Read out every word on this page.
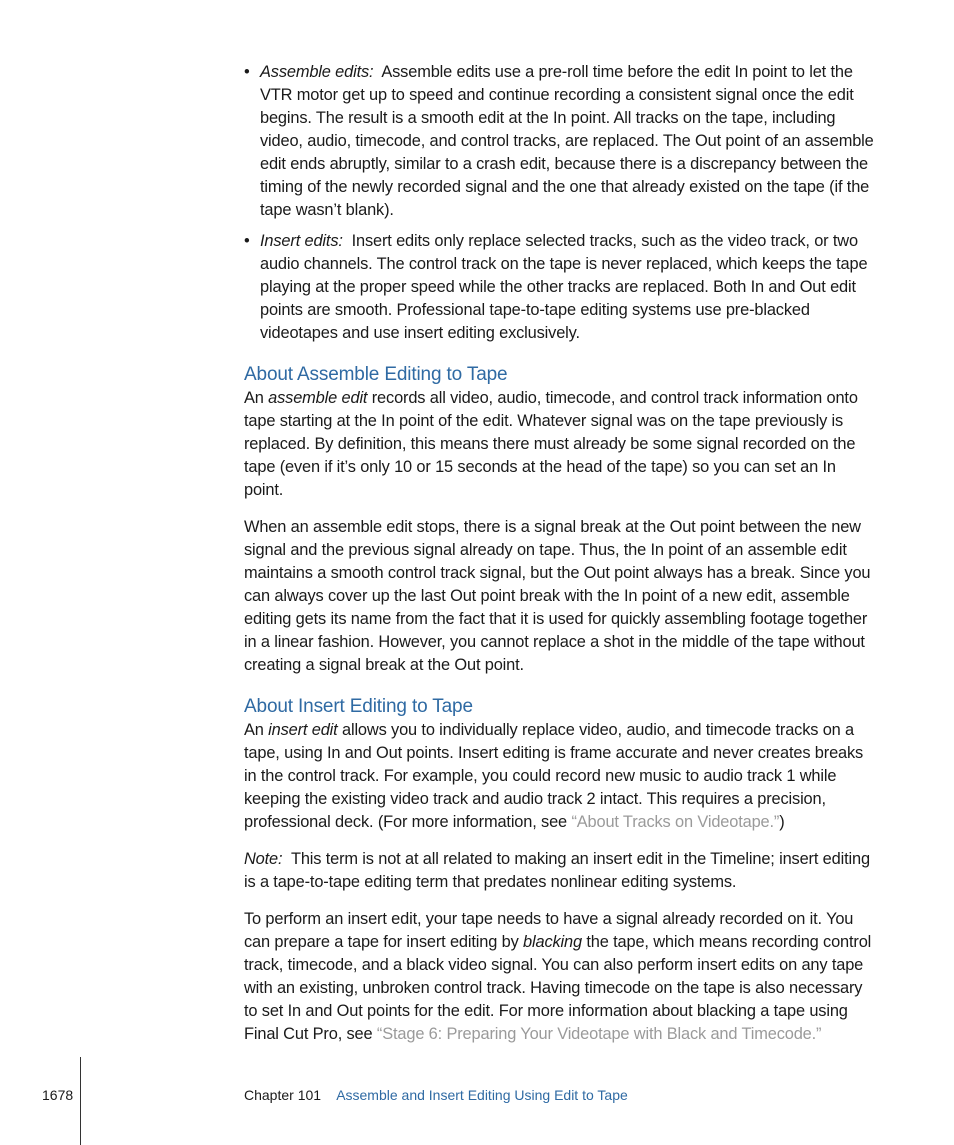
• Assemble edits: Assemble edits use a pre-roll time before the edit In point to let the VTR motor get up to speed and continue recording a consistent signal once the edit begins. The result is a smooth edit at the In point. All tracks on the tape, including video, audio, timecode, and control tracks, are replaced. The Out point of an assemble edit ends abruptly, similar to a crash edit, because there is a discrepancy between the timing of the newly recorded signal and the one that already existed on the tape (if the tape wasn’t blank).
• Insert edits: Insert edits only replace selected tracks, such as the video track, or two audio channels. The control track on the tape is never replaced, which keeps the tape playing at the proper speed while the other tracks are replaced. Both In and Out edit points are smooth. Professional tape-to-tape editing systems use pre-blacked videotapes and use insert editing exclusively.
About Assemble Editing to Tape

An assemble edit records all video, audio, timecode, and control track information onto tape starting at the In point of the edit. Whatever signal was on the tape previously is replaced. By definition, this means there must already be some signal recorded on the tape (even if it’s only 10 or 15 seconds at the head of the tape) so you can set an In point.

When an assemble edit stops, there is a signal break at the Out point between the new signal and the previous signal already on tape. Thus, the In point of an assemble edit maintains a smooth control track signal, but the Out point always has a break. Since you can always cover up the last Out point break with the In point of a new edit, assemble editing gets its name from the fact that it is used for quickly assembling footage together in a linear fashion. However, you cannot replace a shot in the middle of the tape without creating a signal break at the Out point.

About Insert Editing to Tape

An insert edit allows you to individually replace video, audio, and timecode tracks on a tape, using In and Out points. Insert editing is frame accurate and never creates breaks in the control track. For example, you could record new music to audio track 1 while keeping the existing video track and audio track 2 intact. This requires a precision, professional deck. (For more information, see “About Tracks on Videotape.”)

Note: This term is not at all related to making an insert edit in the Timeline; insert editing is a tape-to-tape editing term that predates nonlinear editing systems.

To perform an insert edit, your tape needs to have a signal already recorded on it. You can prepare a tape for insert editing by blacking the tape, which means recording control track, timecode, and a black video signal. You can also perform insert edits on any tape with an existing, unbroken control track. Having timecode on the tape is also necessary to set In and Out points for the edit. For more information about blacking a tape using Final Cut Pro, see “Stage 6: Preparing Your Videotape with Black and Timecode.”

1678	Chapter 101 Assemble and Insert Editing Using Edit to Tape
